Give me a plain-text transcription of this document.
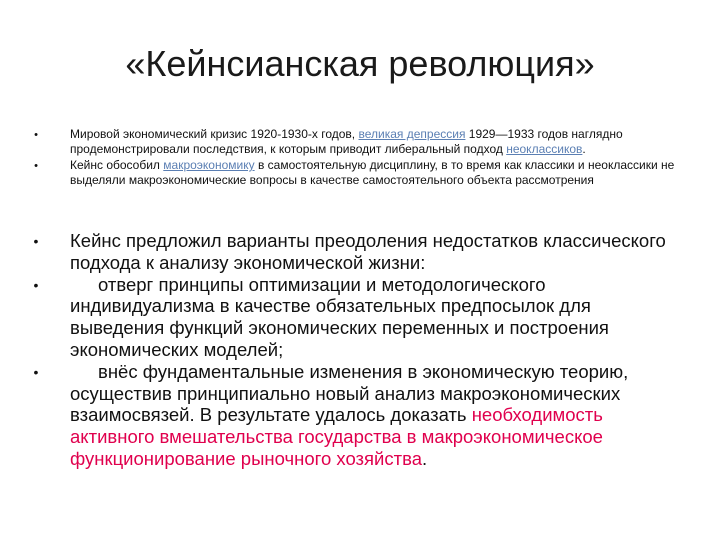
«Кейнсианская революция»
•	Мировой экономический кризис 1920-1930-х годов, великая депрессия 1929—1933 годов наглядно продемонстрировали последствия, к которым приводит либеральный подход неоклассиков.
•	Кейнс обособил макроэкономику в самостоятельную дисциплину, в то время как классики и неоклассики не выделяли макроэкономические вопросы в качестве самостоятельного объекта рассмотрения
• Кейнс предложил варианты преодоления недостатков классического подхода к анализу экономической жизни:
•	отверг принципы оптимизации и методологического индивидуализма в качестве обязательных предпосылок для выведения функций экономических переменных и построения экономических моделей;
•	внёс фундаментальные изменения в экономическую теорию, осуществив принципиально новый анализ макроэкономических взаимосвязей. В результате удалось доказать необходимость активного вмешательства государства в макроэкономическое функционирование рыночного хозяйства.
